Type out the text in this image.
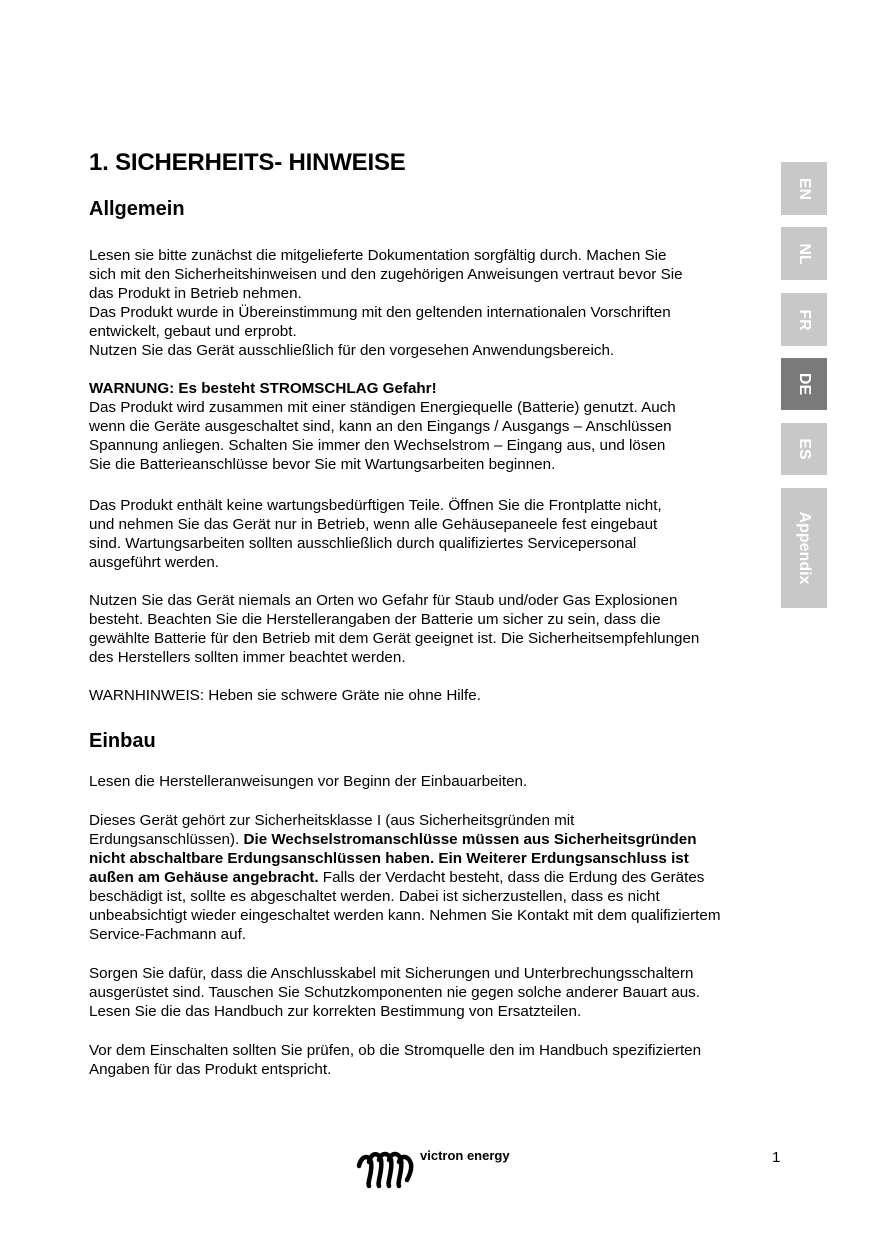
1. SICHERHEITS- HINWEISE
Allgemein
Lesen sie bitte zunächst die mitgelieferte Dokumentation sorgfältig durch. Machen Sie
sich mit den Sicherheitshinweisen und den zugehörigen Anweisungen vertraut bevor Sie
das Produkt in Betrieb nehmen.
Das Produkt wurde in Übereinstimmung mit den geltenden internationalen Vorschriften
entwickelt, gebaut und erprobt.
Nutzen Sie das Gerät ausschließlich für den vorgesehen Anwendungsbereich.
WARNUNG: Es besteht STROMSCHLAG Gefahr!
Das Produkt wird zusammen mit einer ständigen Energiequelle (Batterie) genutzt. Auch
wenn die Geräte ausgeschaltet sind, kann an den Eingangs / Ausgangs – Anschlüssen
Spannung anliegen. Schalten Sie immer den Wechselstrom – Eingang aus, und lösen
Sie die Batterieanschlüsse bevor Sie mit Wartungsarbeiten beginnen.
Das Produkt enthält keine wartungsbedürftigen Teile. Öffnen Sie die Frontplatte nicht,
und nehmen Sie das Gerät nur in Betrieb, wenn alle Gehäusepaneele fest eingebaut
sind. Wartungsarbeiten sollten ausschließlich durch qualifiziertes Servicepersonal
ausgeführt werden.
Nutzen Sie das Gerät niemals an Orten wo Gefahr für Staub und/oder Gas Explosionen
besteht. Beachten Sie die Herstellerangaben der Batterie um sicher zu sein, dass die
gewählte Batterie für den Betrieb mit dem Gerät geeignet ist. Die Sicherheitsempfehlungen
des Herstellers sollten immer beachtet werden.
WARNHINWEIS: Heben sie schwere Gräte nie ohne Hilfe.
Einbau
Lesen die Herstelleranweisungen vor Beginn der Einbauarbeiten.
Dieses Gerät gehört zur Sicherheitsklasse I (aus Sicherheitsgründen mit
Erdungsanschlüssen). Die Wechselstromanschlüsse müssen aus Sicherheitsgründen
nicht abschaltbare Erdungsanschlüssen haben. Ein Weiterer Erdungsanschluss ist
außen am Gehäuse angebracht. Falls der Verdacht besteht, dass die Erdung des Gerätes
beschädigt ist, sollte es abgeschaltet werden. Dabei ist sicherzustellen, dass es nicht
unbeabsichtigt wieder eingeschaltet werden kann. Nehmen Sie Kontakt mit dem qualifiziertem
Service-Fachmann auf.
Sorgen Sie dafür, dass die Anschlusskabel mit Sicherungen und Unterbrechungsschaltern
ausgerüstet sind. Tauschen Sie Schutzkomponenten nie gegen solche anderer Bauart aus.
Lesen Sie die das Handbuch zur korrekten Bestimmung von Ersatzteilen.
Vor dem Einschalten sollten Sie prüfen, ob die Stromquelle den im Handbuch spezifizierten
Angaben für das Produkt entspricht.
EN
NL
FR
DE
ES
Appendix
victron energy	1
